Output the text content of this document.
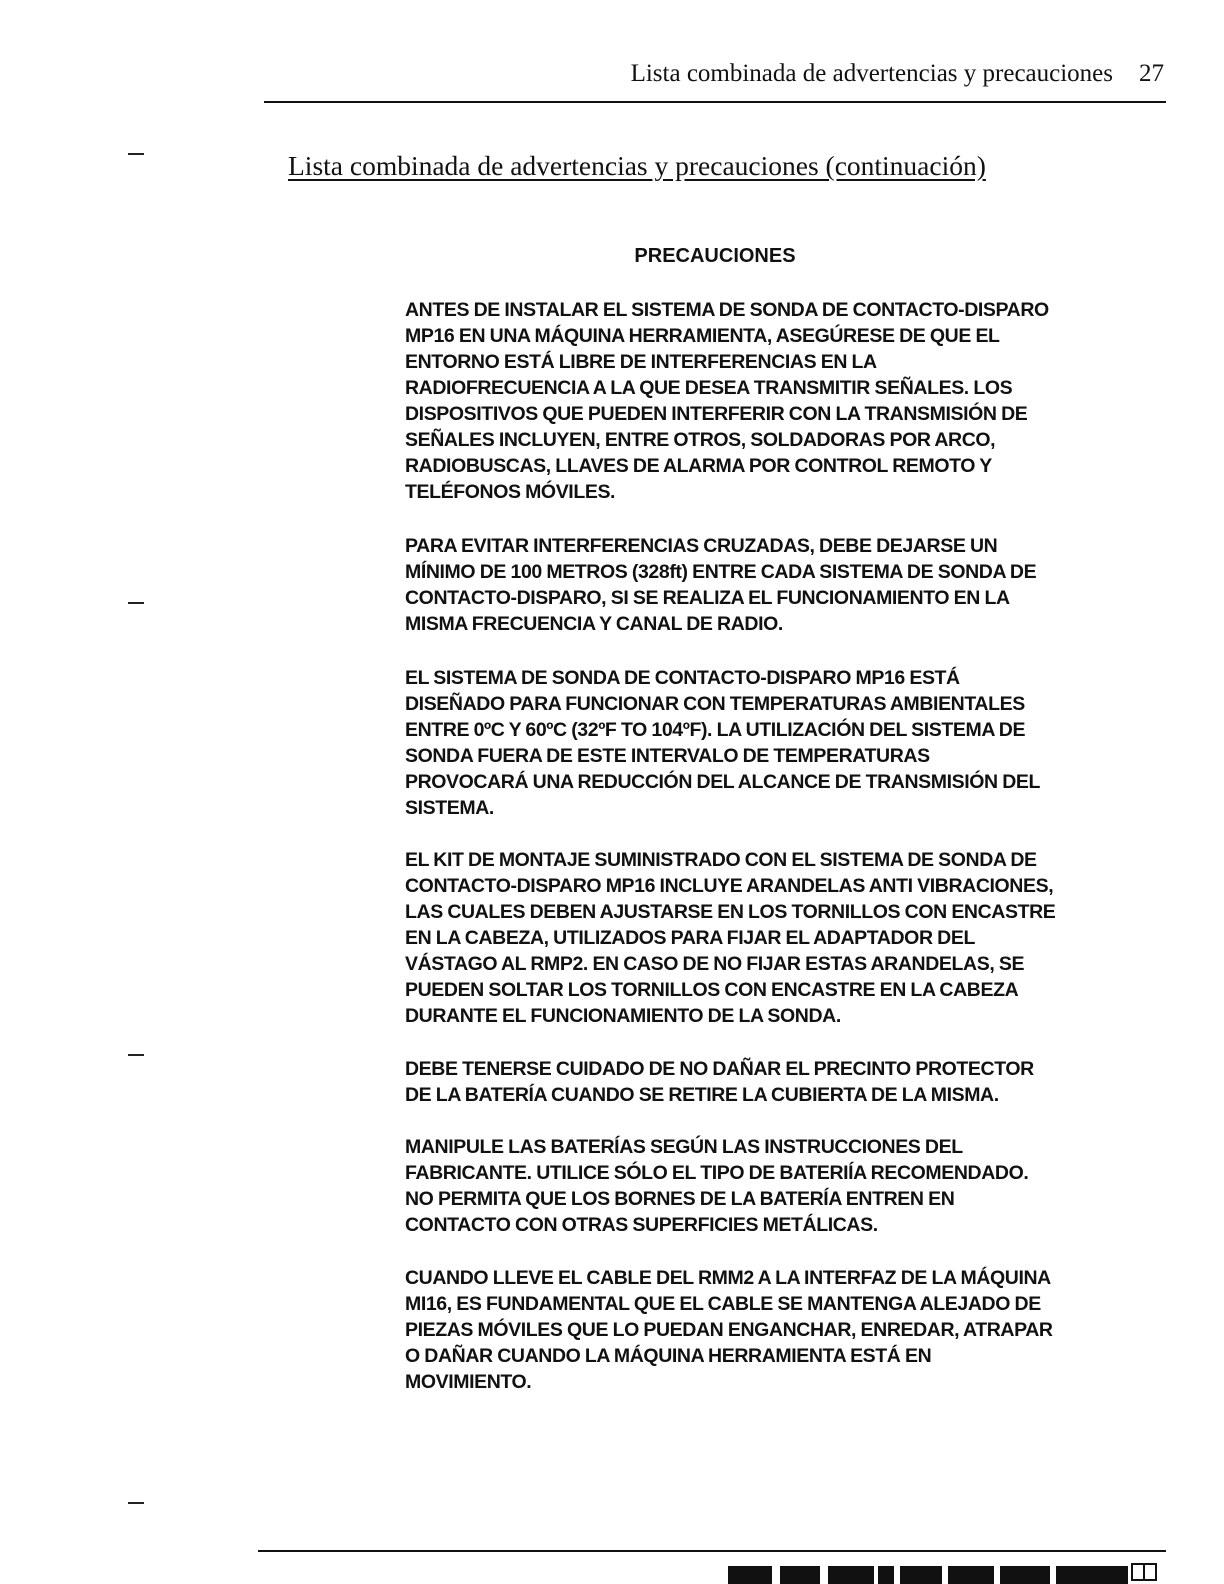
Lista combinada de advertencias y precauciones 27
Lista combinada de advertencias y precauciones (continuación)
PRECAUCIONES

ANTES DE INSTALAR EL SISTEMA DE SONDA DE CONTACTO-DISPARO
MP16 EN UNA MÁQUINA HERRAMIENTA, ASEGÚRESE DE QUE EL
ENTORNO ESTÁ LIBRE DE INTERFERENCIAS EN LA
RADIOFRECUENCIA A LA QUE DESEA TRANSMITIR SEÑALES. LOS
DISPOSITIVOS QUE PUEDEN INTERFERIR CON LA TRANSMISIÓN DE
SEÑALES INCLUYEN, ENTRE OTROS, SOLDADORAS POR ARCO,
RADIOBUSCAS, LLAVES DE ALARMA POR CONTROL REMOTO Y
TELÉFONOS MÓVILES.

PARA EVITAR INTERFERENCIAS CRUZADAS, DEBE DEJARSE UN
MÍNIMO DE 100 METROS (328ft) ENTRE CADA SISTEMA DE SONDA DE
CONTACTO-DISPARO, SI SE REALIZA EL FUNCIONAMIENTO EN LA
MISMA FRECUENCIA Y CANAL DE RADIO.

EL SISTEMA DE SONDA DE CONTACTO-DISPARO MP16 ESTÁ
DISEÑADO PARA FUNCIONAR CON TEMPERATURAS AMBIENTALES
ENTRE 0ºC Y 60ºC (32ºF TO 104ºF). LA UTILIZACIÓN DEL SISTEMA DE
SONDA FUERA DE ESTE INTERVALO DE TEMPERATURAS
PROVOCARÁ UNA REDUCCIÓN DEL ALCANCE DE TRANSMISIÓN DEL
SISTEMA.

EL KIT DE MONTAJE SUMINISTRADO CON EL SISTEMA DE SONDA DE
CONTACTO-DISPARO MP16 INCLUYE ARANDELAS ANTI VIBRACIONES,
LAS CUALES DEBEN AJUSTARSE EN LOS TORNILLOS CON ENCASTRE
EN LA CABEZA, UTILIZADOS PARA FIJAR EL ADAPTADOR DEL
VÁSTAGO AL RMP2. EN CASO DE NO FIJAR ESTAS ARANDELAS, SE
PUEDEN SOLTAR LOS TORNILLOS CON ENCASTRE EN LA CABEZA
DURANTE EL FUNCIONAMIENTO DE LA SONDA.

DEBE TENERSE CUIDADO DE NO DAÑAR EL PRECINTO PROTECTOR
DE LA BATERÍA CUANDO SE RETIRE LA CUBIERTA DE LA MISMA.

MANIPULE LAS BATERÍAS SEGÚN LAS INSTRUCCIONES DEL
FABRICANTE. UTILICE SÓLO EL TIPO DE BATERIÍA RECOMENDADO.
NO PERMITA QUE LOS BORNES DE LA BATERÍA ENTREN EN
CONTACTO CON OTRAS SUPERFICIES METÁLICAS.

CUANDO LLEVE EL CABLE DEL RMM2 A LA INTERFAZ DE LA MÁQUINA
MI16, ES FUNDAMENTAL QUE EL CABLE SE MANTENGA ALEJADO DE
PIEZAS MÓVILES QUE LO PUEDAN ENGANCHAR, ENREDAR, ATRAPAR
O DAÑAR CUANDO LA MÁQUINA HERRAMIENTA ESTÁ EN
MOVIMIENTO.
